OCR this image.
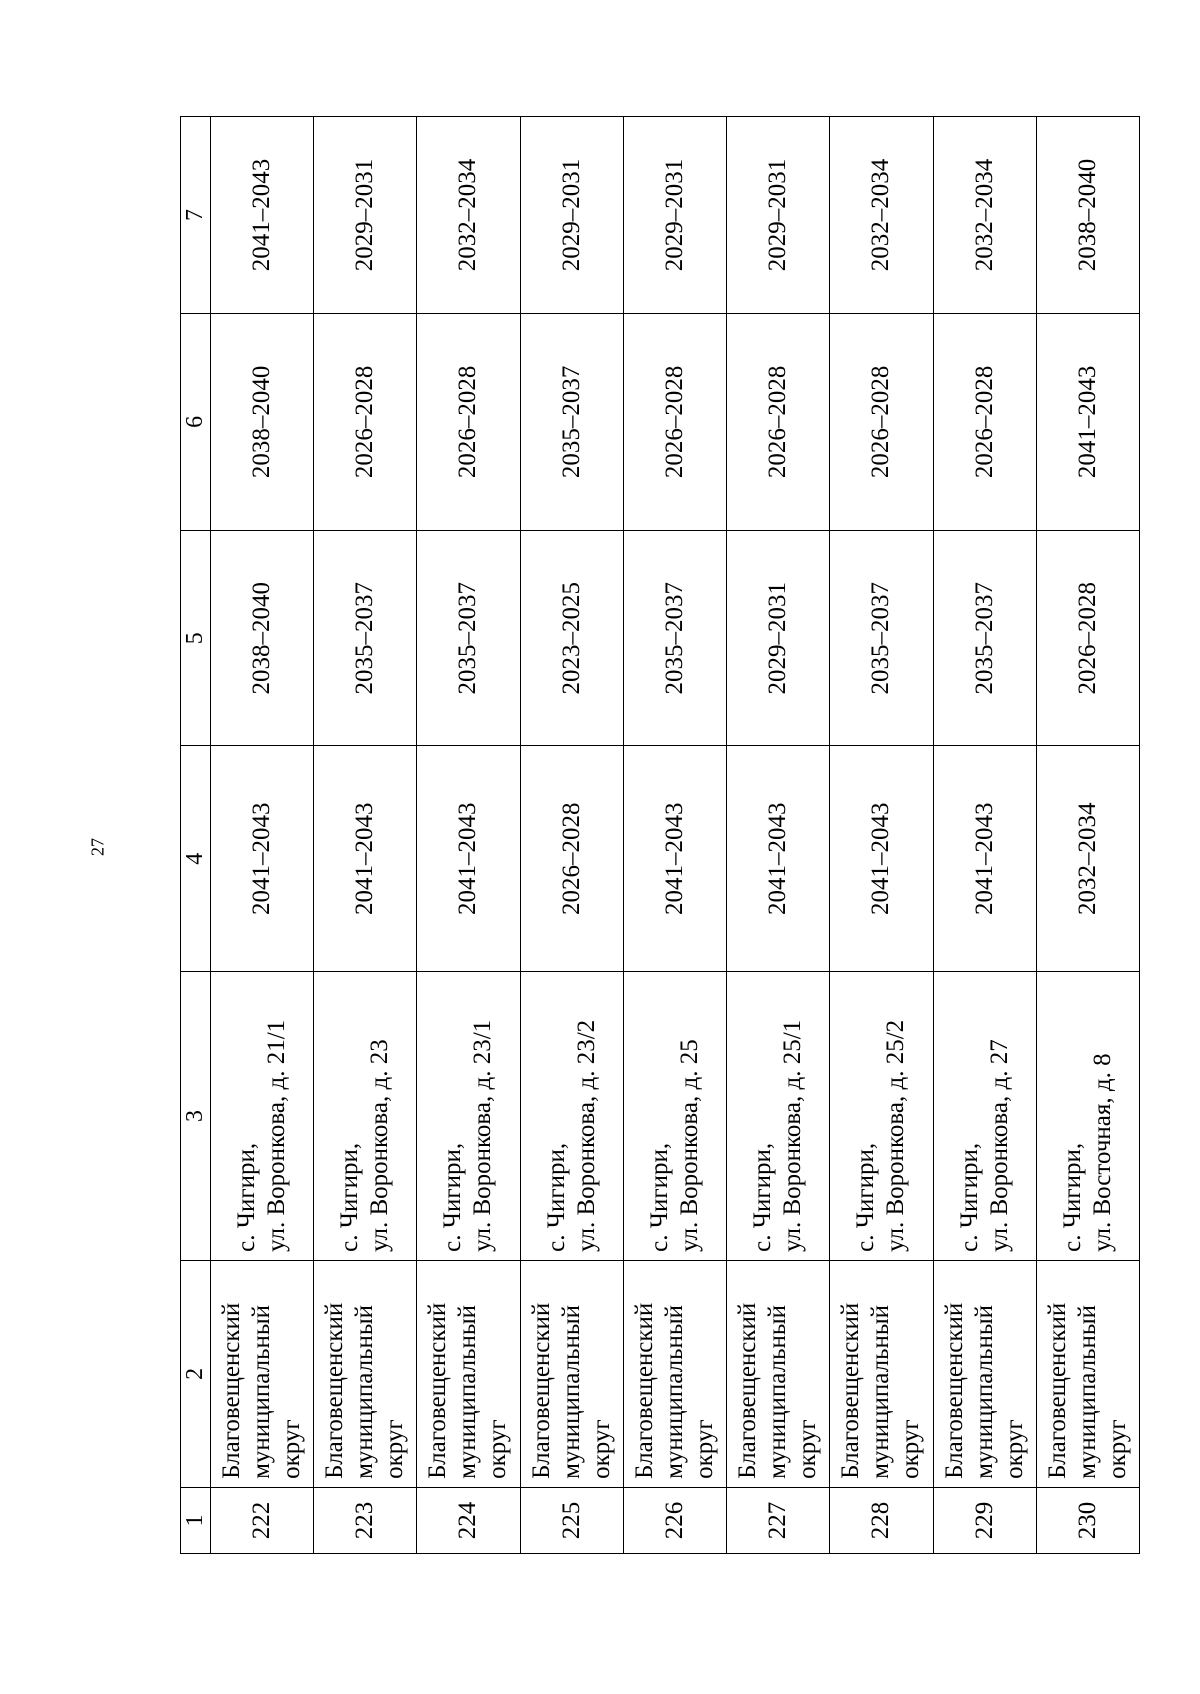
27
1	2	3	4	5	6	7
222	Благовещенский муниципальный округ	с. Чигири, ул. Воронкова, д. 21/1	2041–2043	2038–2040	2038–2040	2041–2043
223	Благовещенский муниципальный округ	с. Чигири, ул. Воронкова, д. 23	2041–2043	2035–2037	2026–2028	2029–2031
224	Благовещенский муниципальный округ	с. Чигири, ул. Воронкова, д. 23/1	2041–2043	2035–2037	2026–2028	2032–2034
225	Благовещенский муниципальный округ	с. Чигири, ул. Воронкова, д. 23/2	2026–2028	2023–2025	2035–2037	2029–2031
226	Благовещенский муниципальный округ	с. Чигири, ул. Воронкова, д. 25	2041–2043	2035–2037	2026–2028	2029–2031
227	Благовещенский муниципальный округ	с. Чигири, ул. Воронкова, д. 25/1	2041–2043	2029–2031	2026–2028	2029–2031
228	Благовещенский муниципальный округ	с. Чигири, ул. Воронкова, д. 25/2	2041–2043	2035–2037	2026–2028	2032–2034
229	Благовещенский муниципальный округ	с. Чигири, ул. Воронкова, д. 27	2041–2043	2035–2037	2026–2028	2032–2034
230	Благовещенский муниципальный округ	с. Чигири, ул. Восточная, д. 8	2032–2034	2026–2028	2041–2043	2038–2040
